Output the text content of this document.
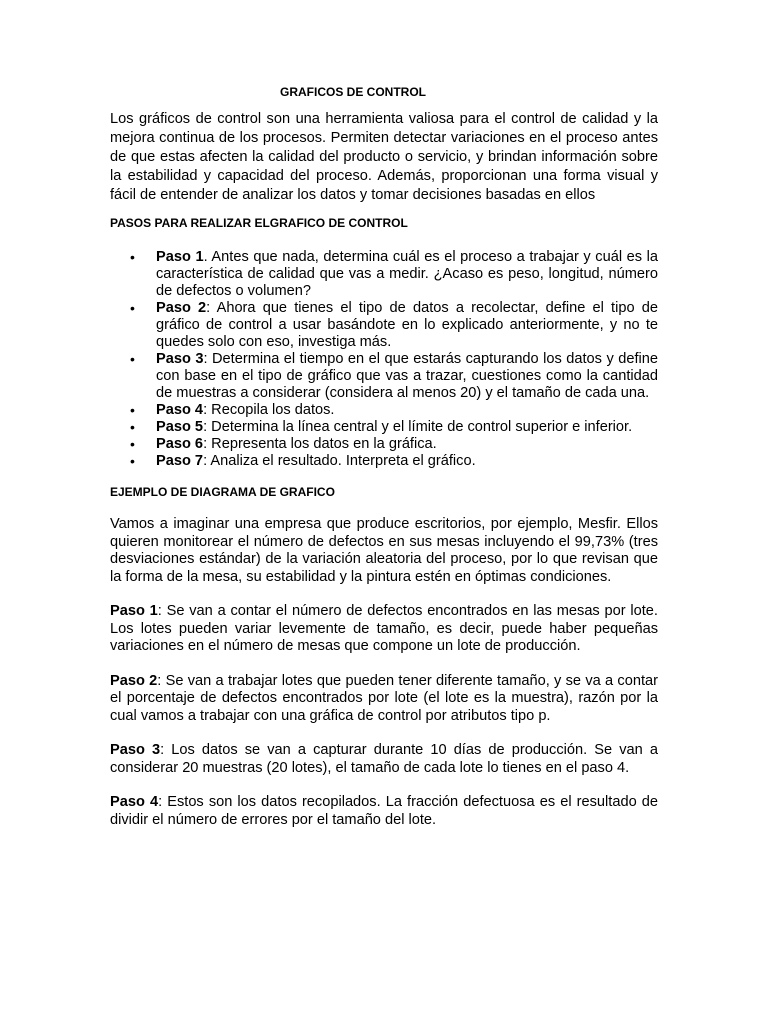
GRAFICOS DE CONTROL

Los gráficos de control son una herramienta valiosa para el control de calidad y la mejora continua de los procesos. Permiten detectar variaciones en el proceso antes de que estas afecten la calidad del producto o servicio, y brindan información sobre la estabilidad y capacidad del proceso. Además, proporcionan una forma visual y fácil de entender de analizar los datos y tomar decisiones basadas en ellos

PASOS PARA REALIZAR ELGRAFICO DE CONTROL
• Paso 1. Antes que nada, determina cuál es el proceso a trabajar y cuál es la característica de calidad que vas a medir. ¿Acaso es peso, longitud, número de defectos o volumen?
• Paso 2: Ahora que tienes el tipo de datos a recolectar, define el tipo de gráfico de control a usar basándote en lo explicado anteriormente, y no te quedes solo con eso, investiga más.
• Paso 3: Determina el tiempo en el que estarás capturando los datos y define con base en el tipo de gráfico que vas a trazar, cuestiones como la cantidad de muestras a considerar (considera al menos 20) y el tamaño de cada una.
• Paso 4: Recopila los datos.
• Paso 5: Determina la línea central y el límite de control superior e inferior.
• Paso 6: Representa los datos en la gráfica.
• Paso 7: Analiza el resultado. Interpreta el gráfico.
EJEMPLO DE DIAGRAMA DE GRAFICO

Vamos a imaginar una empresa que produce escritorios, por ejemplo, Mesfir. Ellos quieren monitorear el número de defectos en sus mesas incluyendo el 99,73% (tres desviaciones estándar) de la variación aleatoria del proceso, por lo que revisan que la forma de la mesa, su estabilidad y la pintura estén en óptimas condiciones.

Paso 1: Se van a contar el número de defectos encontrados en las mesas por lote. Los lotes pueden variar levemente de tamaño, es decir, puede haber pequeñas variaciones en el número de mesas que compone un lote de producción.

Paso 2: Se van a trabajar lotes que pueden tener diferente tamaño, y se va a contar el porcentaje de defectos encontrados por lote (el lote es la muestra), razón por la cual vamos a trabajar con una gráfica de control por atributos tipo p.

Paso 3: Los datos se van a capturar durante 10 días de producción. Se van a considerar 20 muestras (20 lotes), el tamaño de cada lote lo tienes en el paso 4.

Paso 4: Estos son los datos recopilados. La fracción defectuosa es el resultado de dividir el número de errores por el tamaño del lote.
